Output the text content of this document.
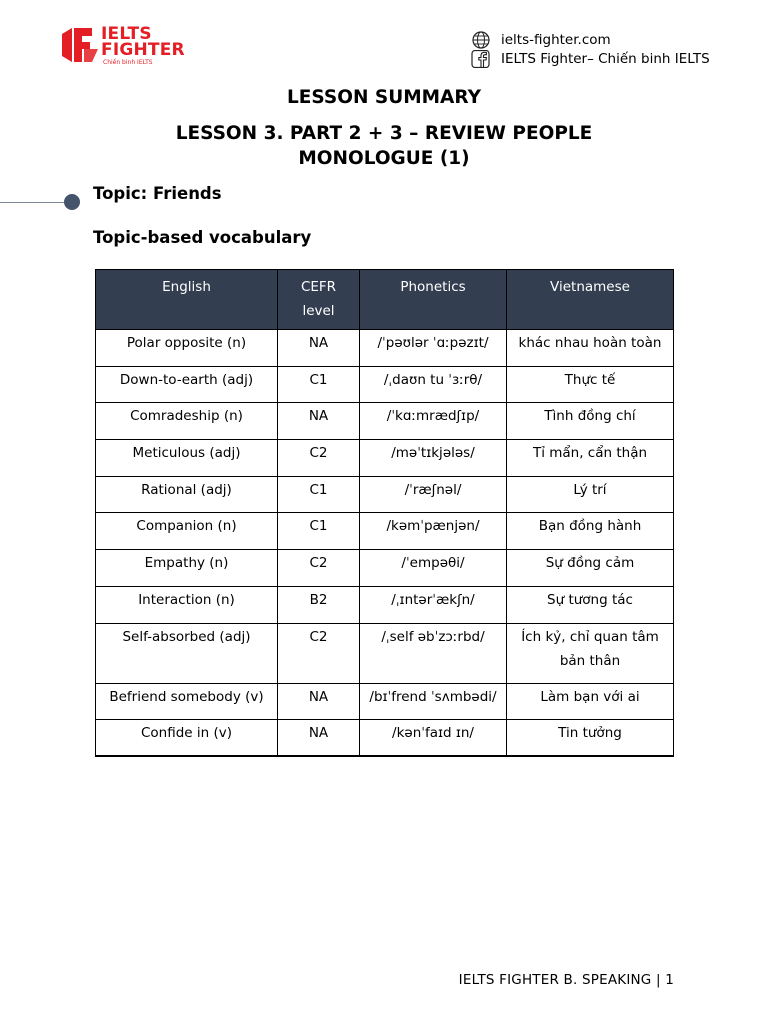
IELTS
FIGHTER
Chiến binh IELTS
ielts-fighter.com
IELTS Fighter– Chiến binh IELTS
LESSON SUMMARY
LESSON 3. PART 2 + 3 – REVIEW PEOPLE MONOLOGUE (1)
Topic: Friends
Topic-based vocabulary
English	CEFR level	Phonetics	Vietnamese
Polar opposite (n)	NA	/ˈpəʊlər ˈɑːpəzɪt/	khác nhau hoàn toàn
Down-to-earth (adj)	C1	/ˌdaʊn tu ˈɜːrθ/	Thực tế
Comradeship (n)	NA	/ˈkɑːmrædʃɪp/	Tình đồng chí
Meticulous (adj)	C2	/məˈtɪkjələs/	Tỉ mẩn, cẩn thận
Rational (adj)	C1	/ˈræʃnəl/	Lý trí
Companion (n)	C1	/kəmˈpænjən/	Bạn đồng hành
Empathy (n)	C2	/ˈempəθi/	Sự đồng cảm
Interaction (n)	B2	/ˌɪntərˈækʃn/	Sự tương tác
Self-absorbed (adj)	C2	/ˌself əbˈzɔːrbd/	Ích kỷ, chỉ quan tâm bản thân
Befriend somebody (v)	NA	/bɪˈfrend ˈsʌmbədi/	Làm bạn với ai
Confide in (v)	NA	/kənˈfaɪd ɪn/	Tin tưởng
IELTS FIGHTER B. SPEAKING | 1
